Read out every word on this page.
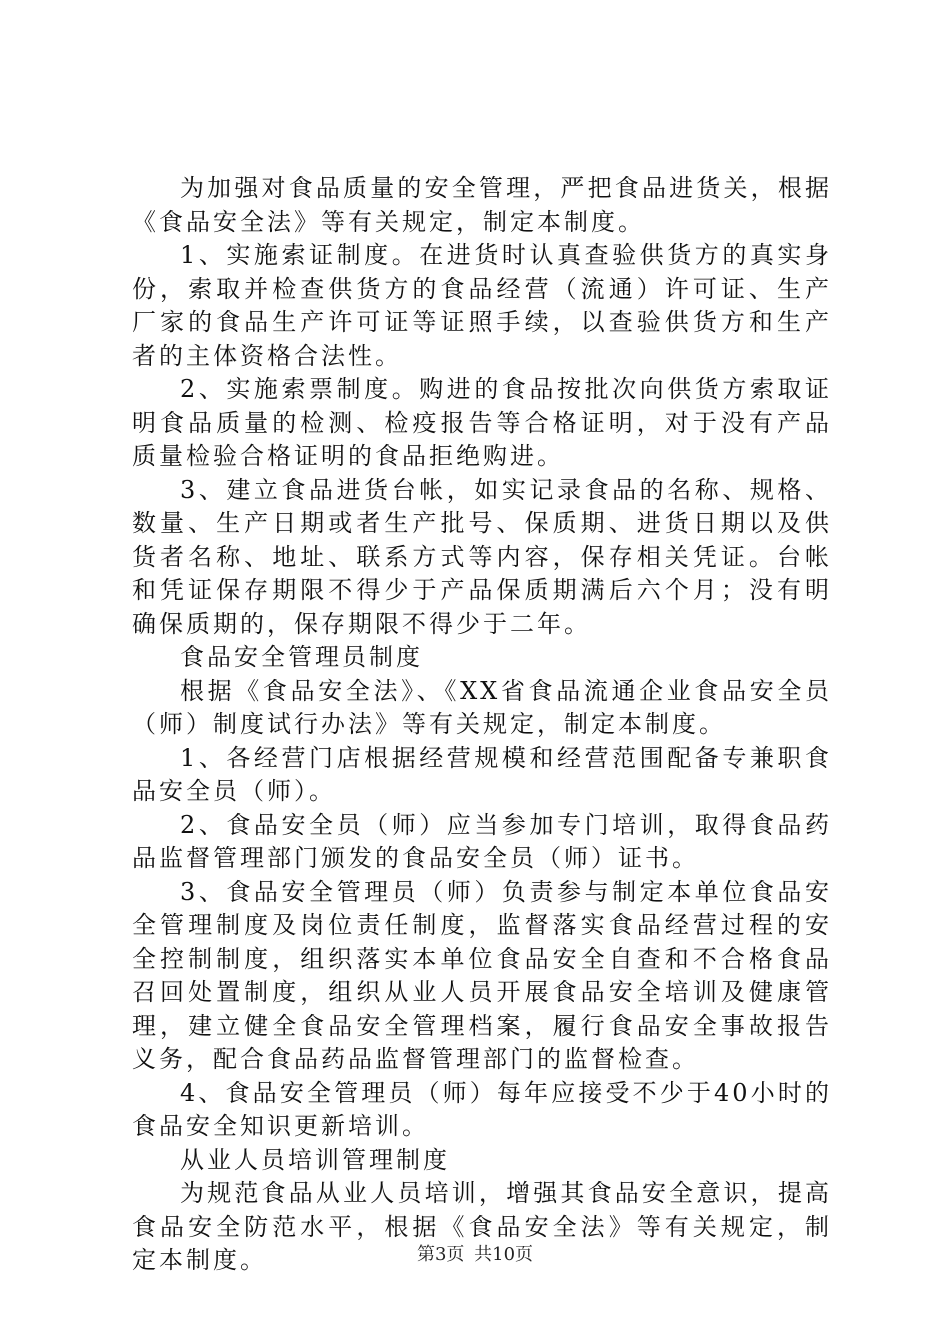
为加强对食品质量的安全管理，严把食品进货关，根据《食品安全法》等有关规定，制定本制度。

1、实施索证制度。在进货时认真查验供货方的真实身份，索取并检查供货方的食品经营（流通）许可证、生产厂家的食品生产许可证等证照手续，以查验供货方和生产者的主体资格合法性。

2、实施索票制度。购进的食品按批次向供货方索取证明食品质量的检测、检疫报告等合格证明，对于没有产品质量检验合格证明的食品拒绝购进。

3、建立食品进货台帐，如实记录食品的名称、规格、数量、生产日期或者生产批号、保质期、进货日期以及供货者名称、地址、联系方式等内容，保存相关凭证。台帐和凭证保存期限不得少于产品保质期满后六个月；没有明确保质期的，保存期限不得少于二年。

食品安全管理员制度

根据《食品安全法》、《XX省食品流通企业食品安全员（师）制度试行办法》等有关规定，制定本制度。

1、各经营门店根据经营规模和经营范围配备专兼职食品安全员（师）。

2、食品安全员（师）应当参加专门培训，取得食品药品监督管理部门颁发的食品安全员（师）证书。

3、食品安全管理员（师）负责参与制定本单位食品安全管理制度及岗位责任制度，监督落实食品经营过程的安全控制制度，组织落实本单位食品安全自查和不合格食品召回处置制度，组织从业人员开展食品安全培训及健康管理，建立健全食品安全管理档案，履行食品安全事故报告义务，配合食品药品监督管理部门的监督检查。

4、食品安全管理员（师）每年应接受不少于40小时的食品安全知识更新培训。

从业人员培训管理制度

为规范食品从业人员培训，增强其食品安全意识，提高食品安全防范水平，根据《食品安全法》等有关规定，制定本制度。	第3页 共10页
